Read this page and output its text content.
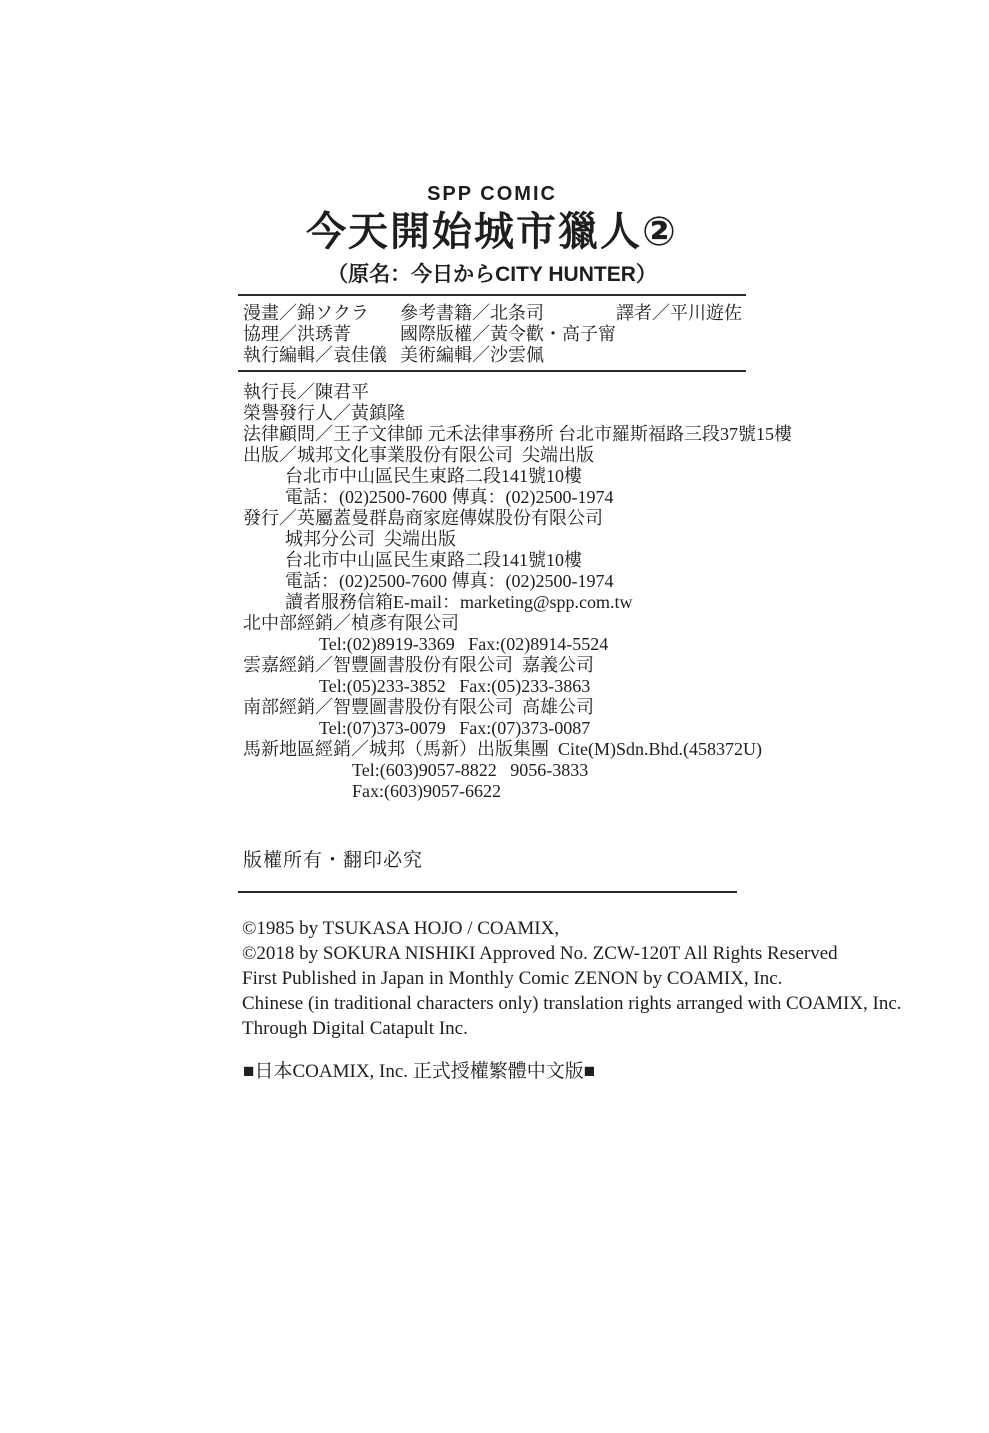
SPP COMIC
今天開始城市獵人②
（原名：今日からCITY HUNTER）
漫畫／錦ソクラ
協理／洪琇菁
執行編輯／袁佳儀
參考書籍／北条司
國際版權／黃令歡・高子甯
美術編輯／沙雲佩
譯者／平川遊佐
執行長／陳君平
榮譽發行人／黃鎮隆
法律顧問／王子文律師 元禾法律事務所 台北市羅斯福路三段37號15樓
出版／城邦文化事業股份有限公司  尖端出版
台北市中山區民生東路二段141號10樓
電話：(02)2500-7600 傳真：(02)2500-1974
發行／英屬蓋曼群島商家庭傳媒股份有限公司
城邦分公司  尖端出版
台北市中山區民生東路二段141號10樓
電話：(02)2500-7600 傳真：(02)2500-1974
讀者服務信箱E-mail：marketing@spp.com.tw
北中部經銷／楨彥有限公司
Tel:(02)8919-3369   Fax:(02)8914-5524
雲嘉經銷／智豐圖書股份有限公司  嘉義公司
Tel:(05)233-3852   Fax:(05)233-3863
南部經銷／智豐圖書股份有限公司  高雄公司
Tel:(07)373-0079   Fax:(07)373-0087
馬新地區經銷／城邦（馬新）出版集團  Cite(M)Sdn.Bhd.(458372U)
Tel:(603)9057-8822   9056-3833
Fax:(603)9057-6622
版權所有・翻印必究
©1985 by TSUKASA HOJO / COAMIX,
©2018 by SOKURA NISHIKI Approved No. ZCW-120T All Rights Reserved
First Published in Japan in Monthly Comic ZENON by COAMIX, Inc.
Chinese (in traditional characters only) translation rights arranged with COAMIX, Inc.
Through Digital Catapult Inc.
■日本COAMIX, Inc. 正式授權繁體中文版■
